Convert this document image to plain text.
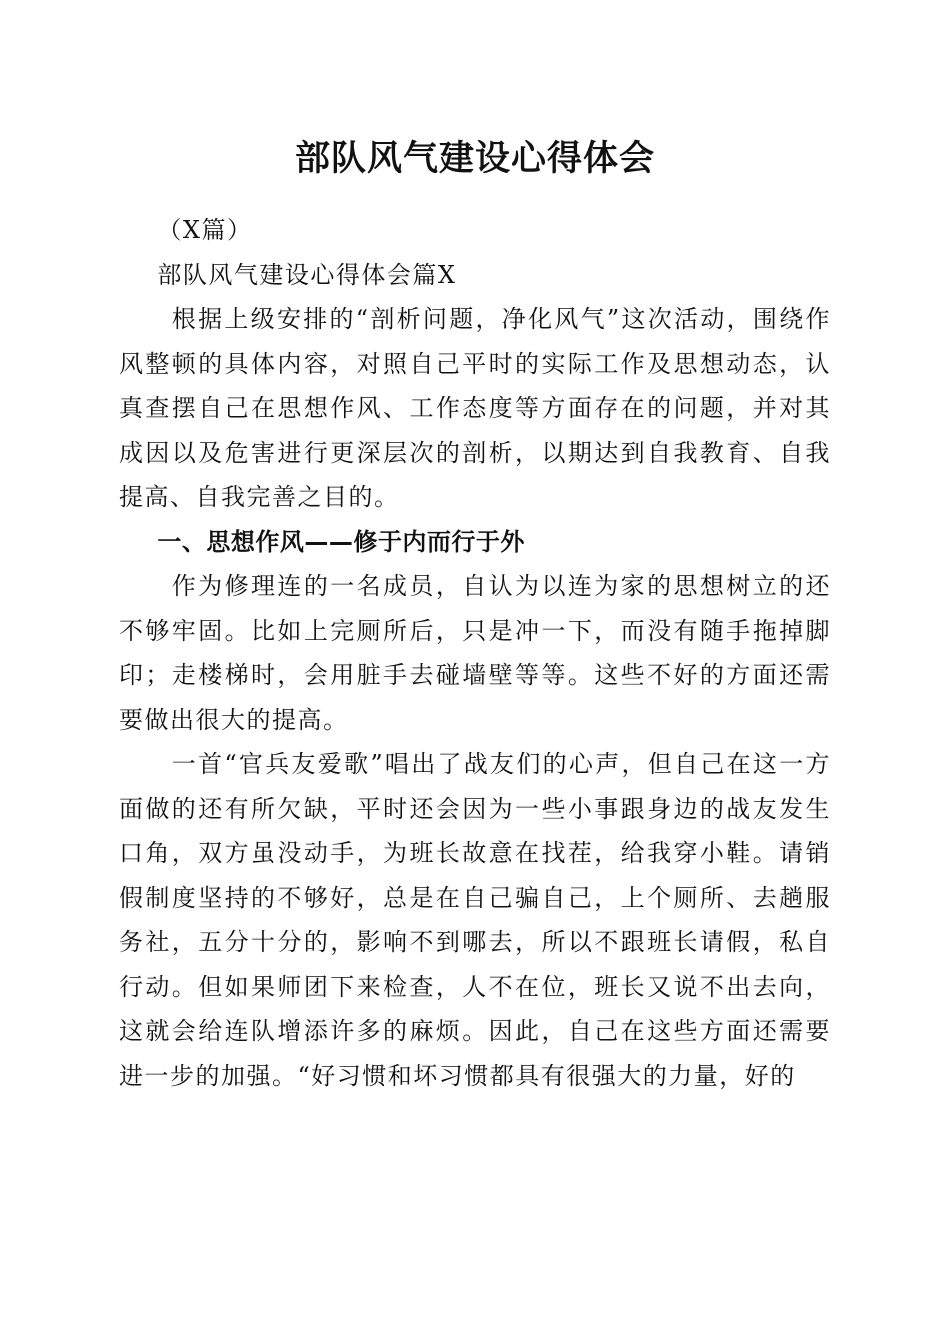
部队风气建设心得体会

（X篇）

部队风气建设心得体会篇X

根据上级安排的“剖析问题，净化风气”这次活动，围绕作风整顿的具体内容，对照自己平时的实际工作及思想动态，认真查摆自己在思想作风、工作态度等方面存在的问题，并对其成因以及危害进行更深层次的剖析，以期达到自我教育、自我提高、自我完善之目的。

一、思想作风——修于内而行于外

作为修理连的一名成员，自认为以连为家的思想树立的还不够牢固。比如上完厕所后，只是冲一下，而没有随手拖掉脚印；走楼梯时，会用脏手去碰墙壁等等。这些不好的方面还需要做出很大的提高。

一首“官兵友爱歌”唱出了战友们的心声，但自己在这一方面做的还有所欠缺，平时还会因为一些小事跟身边的战友发生口角，双方虽没动手，为班长故意在找茬，给我穿小鞋。请销假制度坚持的不够好，总是在自己骗自己，上个厕所、去趟服务社，五分十分的，影响不到哪去，所以不跟班长请假，私自行动。但如果师团下来检查，人不在位，班长又说不出去向，这就会给连队增添许多的麻烦。因此，自己在这些方面还需要进一步的加强。“好习惯和坏习惯都具有很强大的力量，好的
